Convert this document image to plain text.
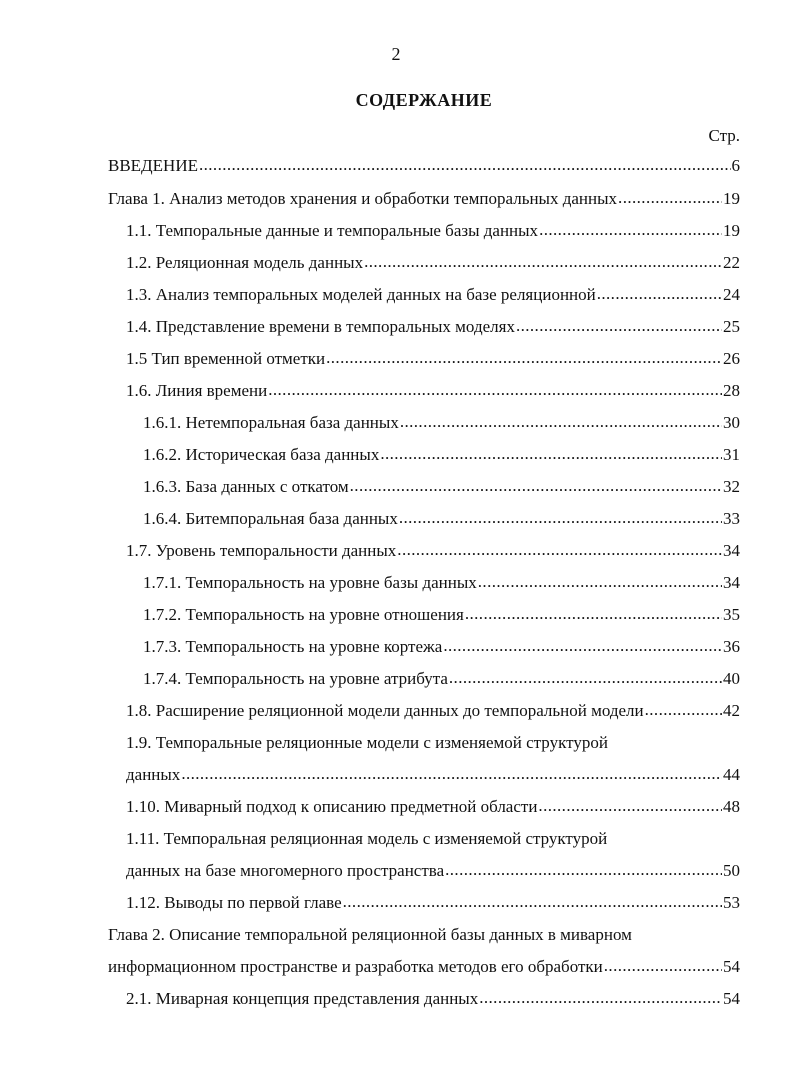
2
СОДЕРЖАНИЕ
Стр.
ВВЕДЕНИЕ .....	6
Глава 1. Анализ методов хранения и обработки темпоральных данных .....	19
1.1. Темпоральные данные и темпоральные базы данных .....	19
1.2. Реляционная модель данных .....	22
1.3. Анализ темпоральных моделей данных на базе реляционной .....	24
1.4. Представление времени в темпоральных моделях .....	25
1.5 Тип временной отметки .....	26
1.6. Линия времени .....	28
1.6.1. Нетемпоральная база данных .....	30
1.6.2. Историческая база данных .....	31
1.6.3. База данных с откатом .....	32
1.6.4. Битемпоральная база данных .....	33
1.7. Уровень темпоральности данных .....	34
1.7.1. Темпоральность на уровне базы данных .....	34
1.7.2. Темпоральность на уровне отношения .....	35
1.7.3. Темпоральность на уровне кортежа .....	36
1.7.4. Темпоральность на уровне атрибута .....	40
1.8. Расширение реляционной модели данных до темпоральной модели .....	42
1.9. Темпоральные реляционные модели с изменяемой структурой
данных .....	44
1.10. Миварный подход к описанию предметной области .....	48
1.11. Темпоральная реляционная модель с изменяемой структурой
данных на базе многомерного пространства .....	50
1.12. Выводы по первой главе .....	53
Глава 2. Описание темпоральной реляционной базы данных в миварном
информационном пространстве и разработка методов его обработки .....	54
2.1. Миварная концепция представления данных .....	54
